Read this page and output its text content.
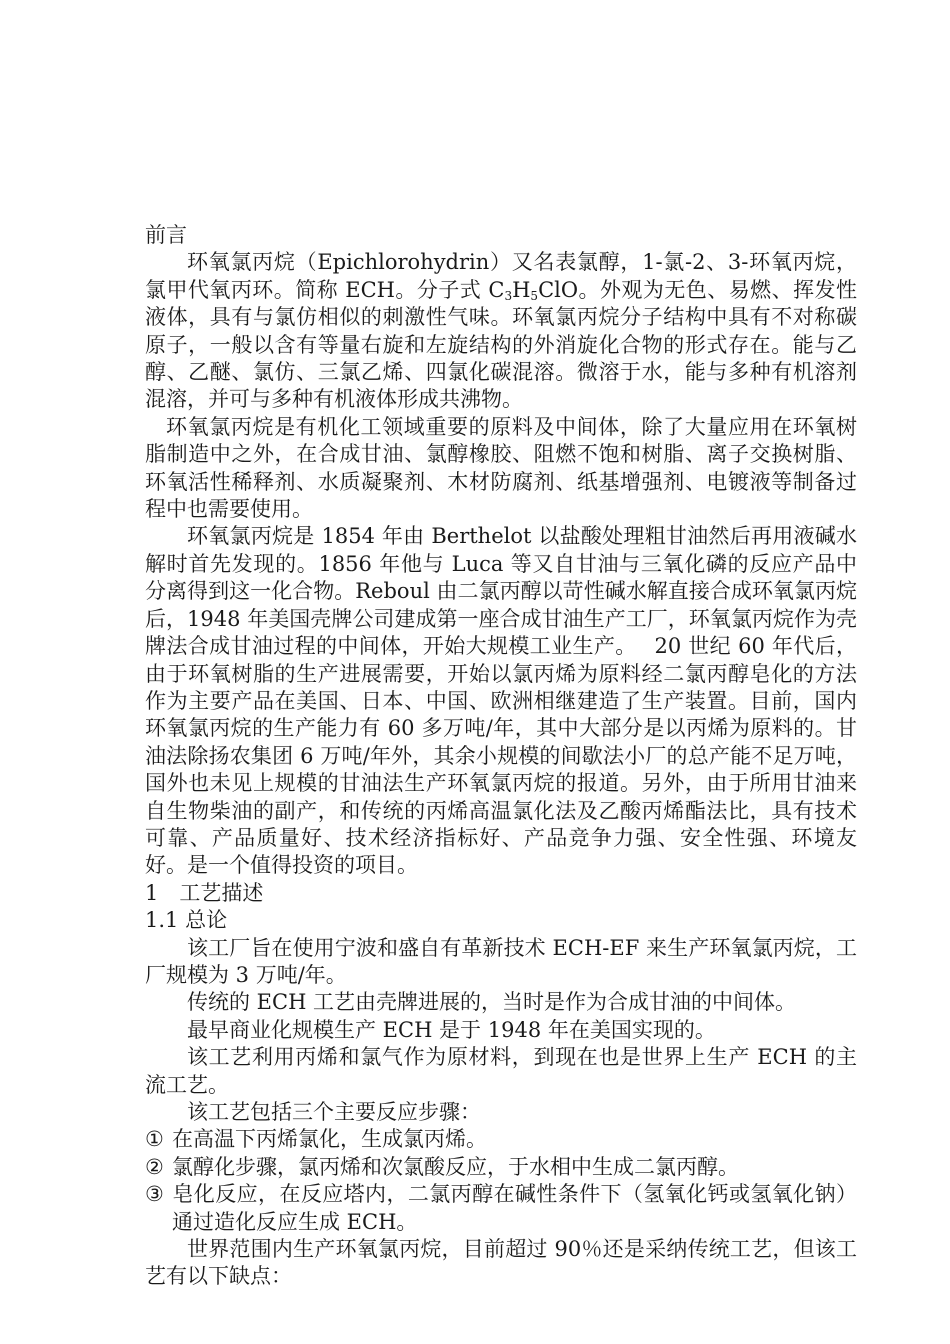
前言

环氧氯丙烷（Epichlorohydrin）又名表氯醇，1-氯-2、3-环氧丙烷，氯甲代氧丙环。简称 ECH。分子式 $C_3H_5ClO$。外观为无色、易燃、挥发性液体，具有与氯仿相似的刺激性气味。环氧氯丙烷分子结构中具有不对称碳原子，一般以含有等量右旋和左旋结构的外消旋化合物的形式存在。能与乙醇、乙醚、氯仿、三氯乙烯、四氯化碳混溶。微溶于水，能与多种有机溶剂混溶，并可与多种有机液体形成共沸物。

环氧氯丙烷是有机化工领域重要的原料及中间体，除了大量应用在环氧树脂制造中之外，在合成甘油、氯醇橡胶、阻燃不饱和树脂、离子交换树脂、环氧活性稀释剂、水质凝聚剂、木材防腐剂、纸基增强剂、电镀液等制备过程中也需要使用。

环氧氯丙烷是 1854 年由 Berthelot 以盐酸处理粗甘油然后再用液碱水解时首先发现的。1856 年他与 Luca 等又自甘油与三氧化磷的反应产品中分离得到这一化合物。Reboul 由二氯丙醇以苛性碱水解直接合成环氧氯丙烷后，1948 年美国壳牌公司建成第一座合成甘油生产工厂，环氧氯丙烷作为壳牌法合成甘油过程的中间体，开始大规模工业生产。　 20 世纪 60 年代后，由于环氧树脂的生产进展需要，开始以氯丙烯为原料经二氯丙醇皂化的方法作为主要产品在美国、日本、中国、欧洲相继建造了生产装置。目前，国内环氧氯丙烷的生产能力有 60 多万吨/年，其中大部分是以丙烯为原料的。甘油法除扬农集团 6 万吨/年外，其余小规模的间歇法小厂的总产能不足万吨，国外也未见上规模的甘油法生产环氧氯丙烷的报道。另外，由于所用甘油来自生物柴油的副产，和传统的丙烯高温氯化法及乙酸丙烯酯法比，具有技术可靠、产品质量好、技术经济指标好、产品竞争力强、安全性强、环境友好。是一个值得投资的项目。

1　工艺描述

1.1 总论

该工厂旨在使用宁波和盛自有革新技术 ECH-EF 来生产环氧氯丙烷，工厂规模为 3 万吨/年。

传统的 ECH 工艺由壳牌进展的，当时是作为合成甘油的中间体。

最早商业化规模生产 ECH 是于 1948 年在美国实现的。

该工艺利用丙烯和氯气作为原材料，到现在也是世界上生产 ECH 的主流工艺。

该工艺包括三个主要反应步骤：

① 在高温下丙烯氯化，生成氯丙烯。

② 氯醇化步骤，氯丙烯和次氯酸反应，于水相中生成二氯丙醇。

③ 皂化反应，在反应塔内，二氯丙醇在碱性条件下（氢氧化钙或氢氧化钠）通过造化反应生成 ECH。

世界范围内生产环氧氯丙烷，目前超过 90％还是采纳传统工艺，但该工艺有以下缺点：
